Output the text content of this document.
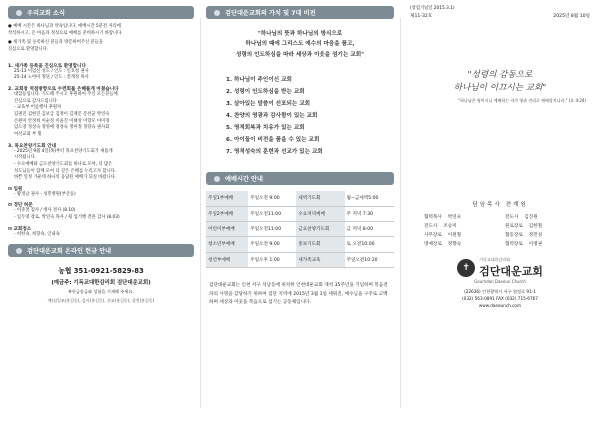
우리교회 소식
● 예배 시간은 하나님과 약속입니다. 예배시간 5분전 자리에
착석하시고, 온 마음과 정성으로 예배를 준비하시기 바랍니다.
● 새가족 및 등록하신 분들과 방문하여주신 분들을
진심으로 환영합니다.
1. 새가족 등록을 진심으로 환영합니다
25-13 이임신 성도 / 인도 : 인호청 권사
25-14 노아미 정단 / 인도 : 전계정 목사
2. 교회창 역점방향으로 수련회를 은혜롭게 마쳤습니다
대합등입니다. 기도해 주시고 후원하여 주신 모든분들께
진심으로 감사드립니다
- 교육부 어름행사 후원자
김권진 김현진 김보급 김정이 김재문 문선균 박연숙
손원미 안정희 이순정 이윤진 이태성 이향모 이미경
임도영 정상숙 정영애 정창숙 정미정 정향숙 권사회
여선교회 부 뭣
3. 목요찬양기도회 안내
- 2025년 9월 4일(목)부터 목요찬양기도회가 새롭게
시작됩니다.
- 수요예배와 금요찬양기도회를 하나로 모아, 더 많은
성도님들이 함께 모여 더 깊은 은혜를 누리고자 합니다.
바쁜 일정 가운데 하나의 응답된 예배가 되실 바랍니다.
⊡ 입원
- 황정남 권사 - 성민병원(부산동)
⊡ 경단 허문
- 이준철 집사 / 병사 결사 (8.10)
- 임두영 장로, 박연숙 목사 / 횡 입거행 결혼 감사 (8.03)
⊡ 교회정소
- 희한속, 희향속, 인내속
검단대운교회 온라인 헌금 안내
농협 351-0921-5829-83
(예금주: 기독교대한감리회 검단대운교회)
※헌금송금와 성함을 기재해 주세요.
예)십일조(홍길동), 감사(홍길동), 선교(홍길동), 성전(홍길동)
검단대운교회의 가치 및 7대 비전
"하나님의 뜻과 하나님의 방식으로
하나님의 때에 그리스도 예수의 마음을 품고,
성령의 인도하심을 따라 세상과 이웃을 섬기는 교회"
1. 하나님이 주인이신 교회
2. 성령이 인도하심을 받는 교회
3. 살아있는 말씀이 선포되는 교회
4. 찬양의 영광과 감사함이 있는 교회
5. 영적회복과 치유가 있는 교회
6. 아이들이 비전을 품을 수 있는 교회
7. 영적성숙의 훈련과 선교가 있는 교회
예배시간 안내
주일1부예배	주일오전 9:00	새벽기도회	월~금새벽5:00
주일2부예배	주일오전11:00	수요저녁예배	주 저녁 7:30
어린이부예배	주일오전11:00	금요찬양기도회	금 저녁 8:00
청소년부예배	주일오전 9:00	중보기도회	토 오전10:00
청년부예배	주일오후 1:00	새가족교육	주일오전10:20
검단대운교회는 인천 서구 석남동에 위치한 인천대운교회 개척 35주년을 기념하며 복음전파의 사명을 감당하기 위하여 검단 지역에 2015년 3월 1일 세워진, 예수님을 구주로 고백하며 세상과 이웃을 복음으로 섬기는 공동체입니다.
(창립기념일 2015.3.1)
제11-32호	2025년 8월 10일
"성령의 감동으로
하나님이 이끄시는 교회"
"하나님은 영이시니 예배하는 자가 영과 진리로 예배할지니라." (요 4:24)
담임목사 전계원
협력목사 박연숙	전도사 김진원
전도사 조승미	원로장로 김한철
사무장로 이원철	협동장로 정민성
명예장로 정향숙	협력장로 이명권
✝
기독교대한감리회
검단대운교회
Goumdan Daeeun Church
(22636) 인천광역시 서구 원정로 91-1
(032) 563-0891 FAX (032) 715-6767
www.daeeunch.com
